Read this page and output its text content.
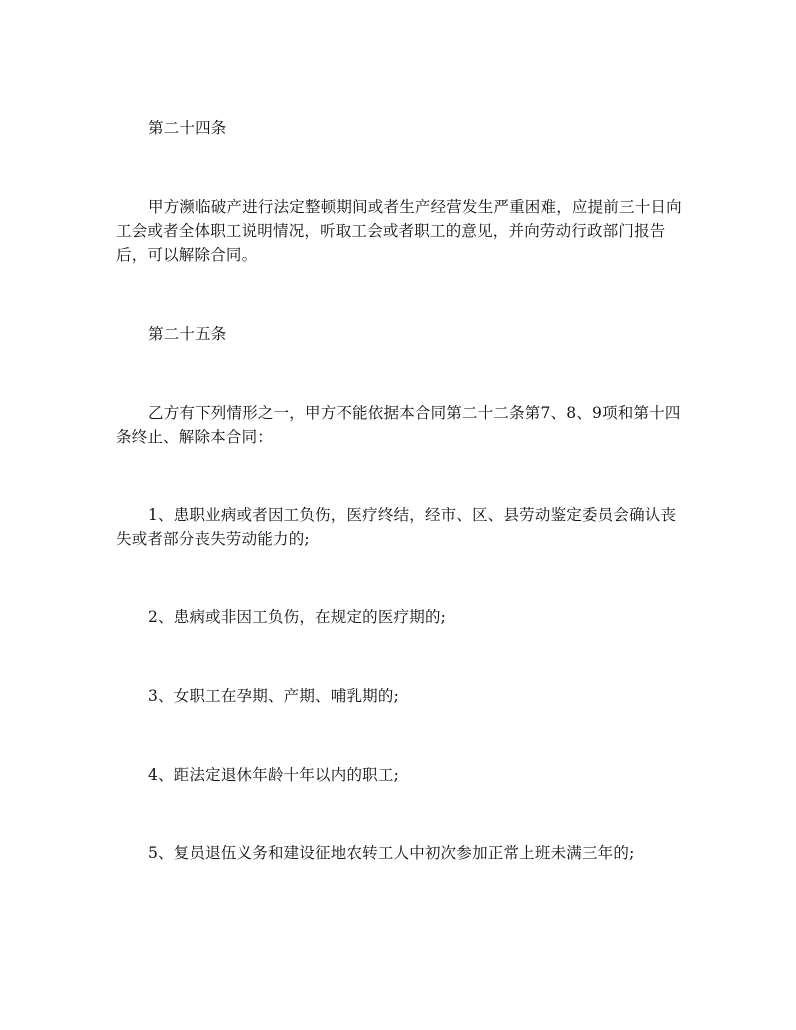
第二十四条
甲方濒临破产进行法定整顿期间或者生产经营发生严重困难，应提前三十日向
工会或者全体职工说明情况，听取工会或者职工的意见，并向劳动行政部门报告
后，可以解除合同。
第二十五条
乙方有下列情形之一，甲方不能依据本合同第二十二条第7、8、9项和第十四
条终止、解除本合同：
1、患职业病或者因工负伤，医疗终结，经市、区、县劳动鉴定委员会确认丧
失或者部分丧失劳动能力的;
2、患病或非因工负伤，在规定的医疗期的;
3、女职工在孕期、产期、哺乳期的;
4、距法定退休年龄十年以内的职工;
5、复员退伍义务和建设征地农转工人中初次参加正常上班未满三年的;
